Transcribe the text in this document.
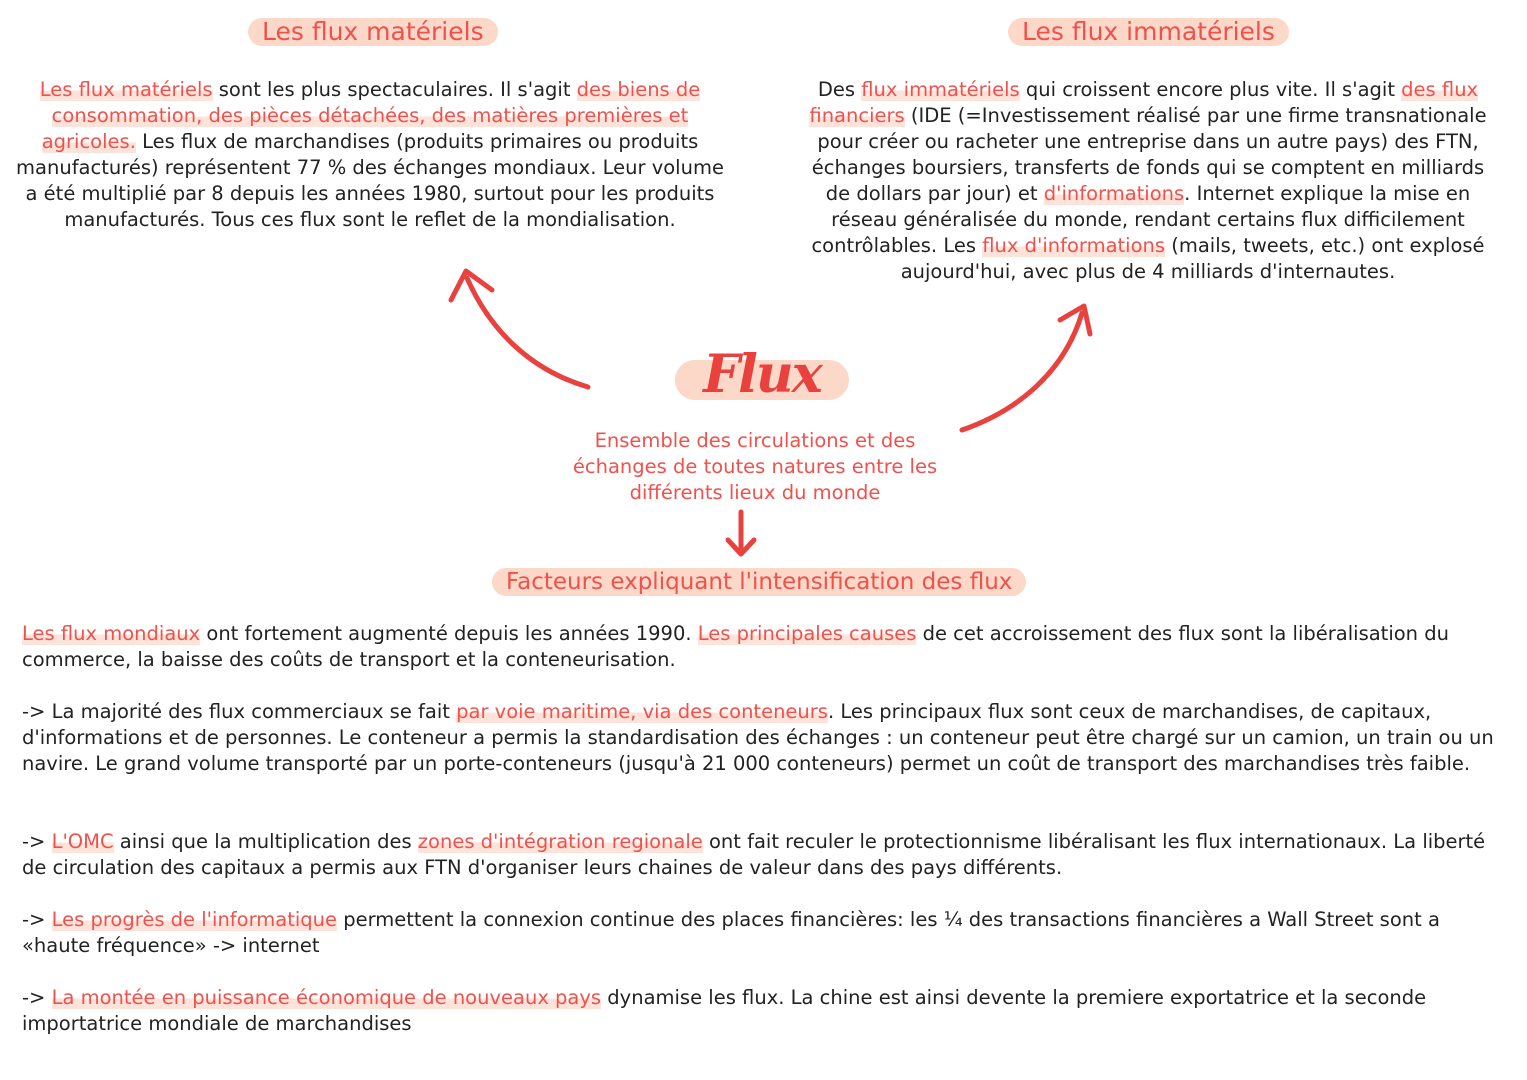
Les flux matériels	Les flux immatériels

Les flux matériels sont les plus spectaculaires. Il s'agit des biens de consommation, des pièces détachées, des matières premières et agricoles. Les flux de marchandises (produits primaires ou produits manufacturés) représentent 77 % des échanges mondiaux. Leur volume a été multiplié par 8 depuis les années 1980, surtout pour les produits manufacturés. Tous ces flux sont le reflet de la mondialisation.

Des flux immatériels qui croissent encore plus vite. Il s'agit des flux financiers (IDE (=Investissement réalisé par une firme transnationale pour créer ou racheter une entreprise dans un autre pays) des FTN, échanges boursiers, transferts de fonds qui se comptent en milliards de dollars par jour) et d'informations. Internet explique la mise en réseau généralisée du monde, rendant certains flux difficilement contrôlables. Les flux d'informations (mails, tweets, etc.) ont explosé aujourd'hui, avec plus de 4 milliards d'internautes.

Flux

Ensemble des circulations et des échanges de toutes natures entre les différents lieux du monde

Facteurs expliquant l'intensification des flux

Les flux mondiaux ont fortement augmenté depuis les années 1990. Les principales causes de cet accroissement des flux sont la libéralisation du commerce, la baisse des coûts de transport et la conteneurisation.

-> La majorité des flux commerciaux se fait par voie maritime, via des conteneurs. Les principaux flux sont ceux de marchandises, de capitaux, d'informations et de personnes. Le conteneur a permis la standardisation des échanges : un conteneur peut être chargé sur un camion, un train ou un navire. Le grand volume transporté par un porte-conteneurs (jusqu'à 21 000 conteneurs) permet un coût de transport des marchandises très faible.

-> L'OMC ainsi que la multiplication des zones d'intégration regionale ont fait reculer le protectionnisme libéralisant les flux internationaux. La liberté de circulation des capitaux a permis aux FTN d'organiser leurs chaines de valeur dans des pays différents.

-> Les progrès de l'informatique permettent la connexion continue des places financières: les ¼ des transactions financières a Wall Street sont a «haute fréquence» -> internet

-> La montée en puissance économique de nouveaux pays dynamise les flux. La chine est ainsi devente la premiere exportatrice et la seconde importatrice mondiale de marchandises
